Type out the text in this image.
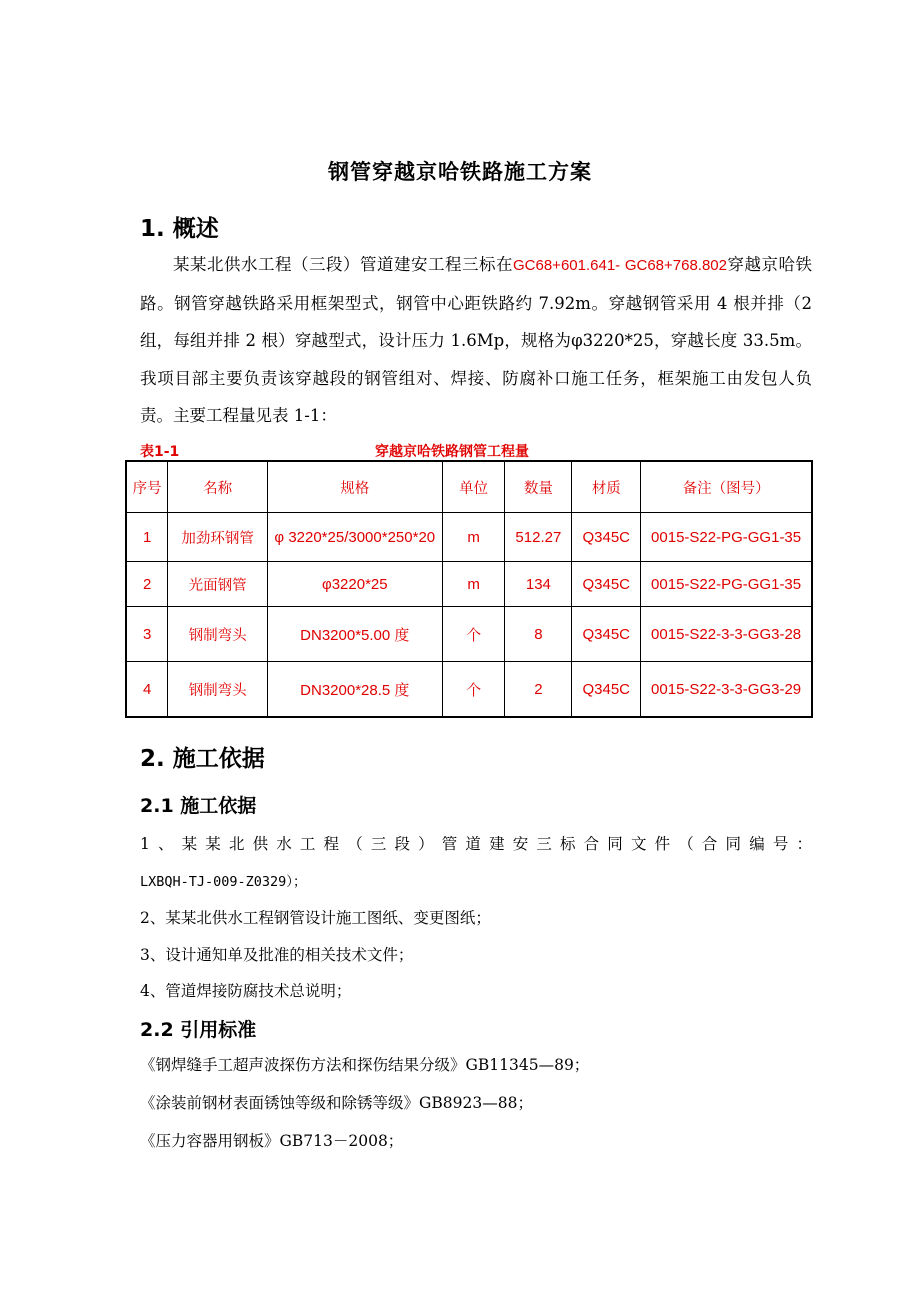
钢管穿越京哈铁路施工方案
1. 概述
某某北供水工程（三段）管道建安工程三标在GC68+601.641- GC68+768.802穿越京哈铁路。钢管穿越铁路采用框架型式，钢管中心距铁路约 7.92m。穿越钢管采用 4 根并排（2 组，每组并排 2 根）穿越型式，设计压力 1.6Mp，规格为φ3220*25，穿越长度 33.5m。我项目部主要负责该穿越段的钢管组对、焊接、防腐补口施工任务，框架施工由发包人负责。主要工程量见表 1-1：
表1-1	穿越京哈铁路钢管工程量
序号	名称	规格	单位	数量	材质	备注（图号）
1	加劲环钢管	φ 3220*25/3000*250*20	m	512.27	Q345C	0015-S22-PG-GG1-35
2	光面钢管	φ3220*25	m	134	Q345C	0015-S22-PG-GG1-35
3	钢制弯头	DN3200*5.00 度	个	8	Q345C	0015-S22-3-3-GG3-28
4	钢制弯头	DN3200*28.5 度	个	2	Q345C	0015-S22-3-3-GG3-29
2. 施工依据
2.1 施工依据
1、某某北供水工程（三段）管道建安三标合同文件（合同编号：
LXBQH-TJ-009-Z0329）；
2、某某北供水工程钢管设计施工图纸、变更图纸；
3、设计通知单及批准的相关技术文件；
4、管道焊接防腐技术总说明；
2.2 引用标准
《钢焊缝手工超声波探伤方法和探伤结果分级》GB11345—89；
《涂装前钢材表面锈蚀等级和除锈等级》GB8923—88；
《压力容器用钢板》GB713－2008；
